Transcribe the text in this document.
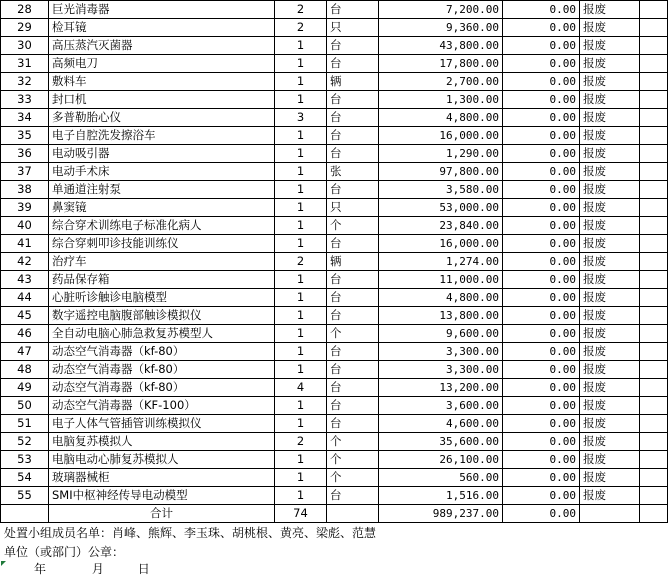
28	巨光消毒器	2	台	7,200.00	0.00	报废	
29	检耳镜	2	只	9,360.00	0.00	报废	
30	高压蒸汽灭菌器	1	台	43,800.00	0.00	报废	
31	高频电刀	1	台	17,800.00	0.00	报废	
32	敷料车	1	辆	2,700.00	0.00	报废	
33	封口机	1	台	1,300.00	0.00	报废	
34	多普勒胎心仪	3	台	4,800.00	0.00	报废	
35	电子自腔洗发擦浴车	1	台	16,000.00	0.00	报废	
36	电动吸引器	1	台	1,290.00	0.00	报废	
37	电动手术床	1	张	97,800.00	0.00	报废	
38	单通道注射泵	1	台	3,580.00	0.00	报废	
39	鼻窦镜	1	只	53,000.00	0.00	报废	
40	综合穿术训练电子标准化病人	1	个	23,840.00	0.00	报废	
41	综合穿刺叩诊技能训练仪	1	台	16,000.00	0.00	报废	
42	治疗车	2	辆	1,274.00	0.00	报废	
43	药品保存箱	1	台	11,000.00	0.00	报废	
44	心脏听诊触诊电脑模型	1	台	4,800.00	0.00	报废	
45	数字遥控电脑腹部触诊模拟仪	1	台	13,800.00	0.00	报废	
46	全自动电脑心肺急救复苏模型人	1	个	9,600.00	0.00	报废	
47	动态空气消毒器（kf-80）	1	台	3,300.00	0.00	报废	
48	动态空气消毒器（kf-80）	1	台	3,300.00	0.00	报废	
49	动态空气消毒器（kf-80）	4	台	13,200.00	0.00	报废	
50	动态空气消毒器（KF-100）	1	台	3,600.00	0.00	报废	
51	电子人体气管插管训练模拟仪	1	台	4,600.00	0.00	报废	
52	电脑复苏模拟人	2	个	35,600.00	0.00	报废	
53	电脑电动心肺复苏模拟人	1	个	26,100.00	0.00	报废	
54	玻璃器械柜	1	个	560.00	0.00	报废	
55	SMI中枢神经传导电动模型	1	台	1,516.00	0.00	报废	
	合计	74		989,237.00	0.00		
处置小组成员名单：肖峰、熊辉、李玉珠、胡桃根、黄亮、梁彪、范慧
单位（或部门）公章：
年	月	日
